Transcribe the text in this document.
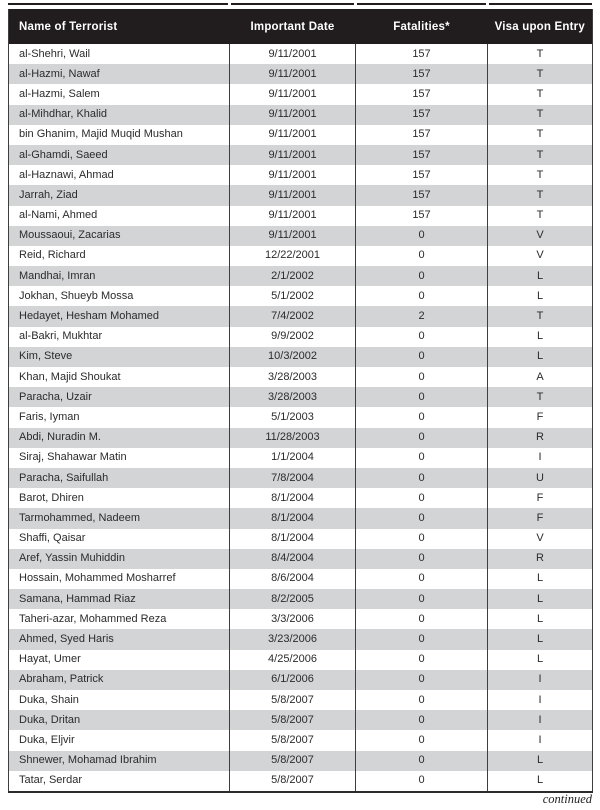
Name of Terrorist	Important Date	Fatalities*	Visa upon Entry
al-Shehri, Wail	9/11/2001	157	T
al-Hazmi, Nawaf	9/11/2001	157	T
al-Hazmi, Salem	9/11/2001	157	T
al-Mihdhar, Khalid	9/11/2001	157	T
bin Ghanim, Majid Muqid Mushan	9/11/2001	157	T
al-Ghamdi, Saeed	9/11/2001	157	T
al-Haznawi, Ahmad	9/11/2001	157	T
Jarrah, Ziad	9/11/2001	157	T
al-Nami, Ahmed	9/11/2001	157	T
Moussaoui, Zacarias	9/11/2001	0	V
Reid, Richard	12/22/2001	0	V
Mandhai, Imran	2/1/2002	0	L
Jokhan, Shueyb Mossa	5/1/2002	0	L
Hedayet, Hesham Mohamed	7/4/2002	2	T
al-Bakri, Mukhtar	9/9/2002	0	L
Kim, Steve	10/3/2002	0	L
Khan, Majid Shoukat	3/28/2003	0	A
Paracha, Uzair	3/28/2003	0	T
Faris, Iyman	5/1/2003	0	F
Abdi, Nuradin M.	11/28/2003	0	R
Siraj, Shahawar Matin	1/1/2004	0	I
Paracha, Saifullah	7/8/2004	0	U
Barot, Dhiren	8/1/2004	0	F
Tarmohammed, Nadeem	8/1/2004	0	F
Shaffi, Qaisar	8/1/2004	0	V
Aref, Yassin Muhiddin	8/4/2004	0	R
Hossain, Mohammed Mosharref	8/6/2004	0	L
Samana, Hammad Riaz	8/2/2005	0	L
Taheri-azar, Mohammed Reza	3/3/2006	0	L
Ahmed, Syed Haris	3/23/2006	0	L
Hayat, Umer	4/25/2006	0	L
Abraham, Patrick	6/1/2006	0	I
Duka, Shain	5/8/2007	0	I
Duka, Dritan	5/8/2007	0	I
Duka, Eljvir	5/8/2007	0	I
Shnewer, Mohamad Ibrahim	5/8/2007	0	L
Tatar, Serdar	5/8/2007	0	L
continued
